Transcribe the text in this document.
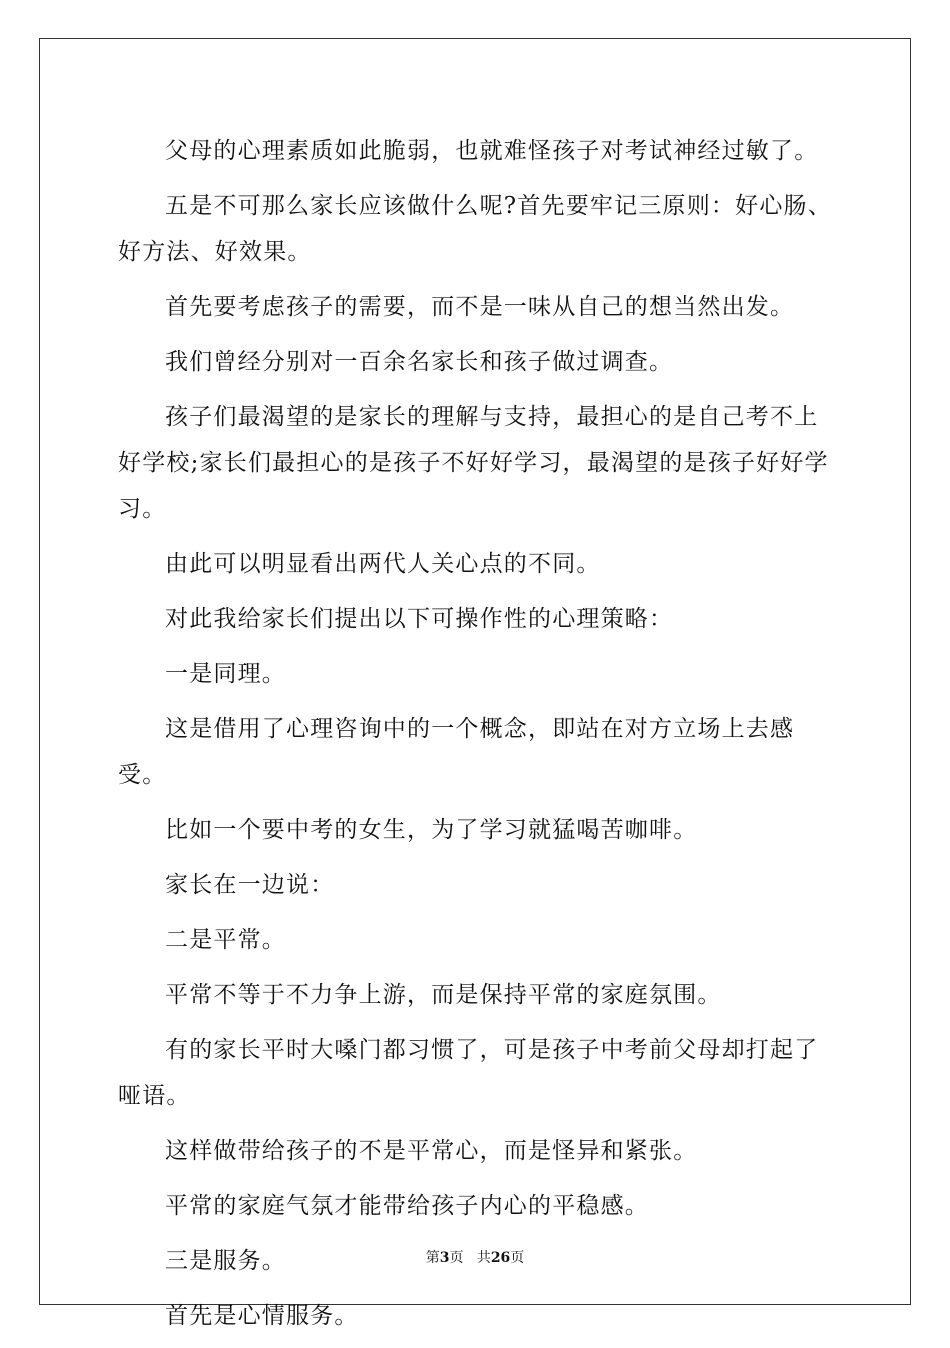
父母的心理素质如此脆弱，也就难怪孩子对考试神经过敏了。

五是不可那么家长应该做什么呢?首先要牢记三原则：好心肠、好方法、好效果。

首先要考虑孩子的需要，而不是一味从自己的想当然出发。

我们曾经分别对一百余名家长和孩子做过调查。

孩子们最渴望的是家长的理解与支持，最担心的是自己考不上好学校;家长们最担心的是孩子不好好学习，最渴望的是孩子好好学习。

由此可以明显看出两代人关心点的不同。

对此我给家长们提出以下可操作性的心理策略：

一是同理。

这是借用了心理咨询中的一个概念，即站在对方立场上去感受。

比如一个要中考的女生，为了学习就猛喝苦咖啡。

家长在一边说：

二是平常。

平常不等于不力争上游，而是保持平常的家庭氛围。

有的家长平时大嗓门都习惯了，可是孩子中考前父母却打起了哑语。

这样做带给孩子的不是平常心，而是怪异和紧张。

平常的家庭气氛才能带给孩子内心的平稳感。

三是服务。

首先是心情服务。

第3页 共26页
